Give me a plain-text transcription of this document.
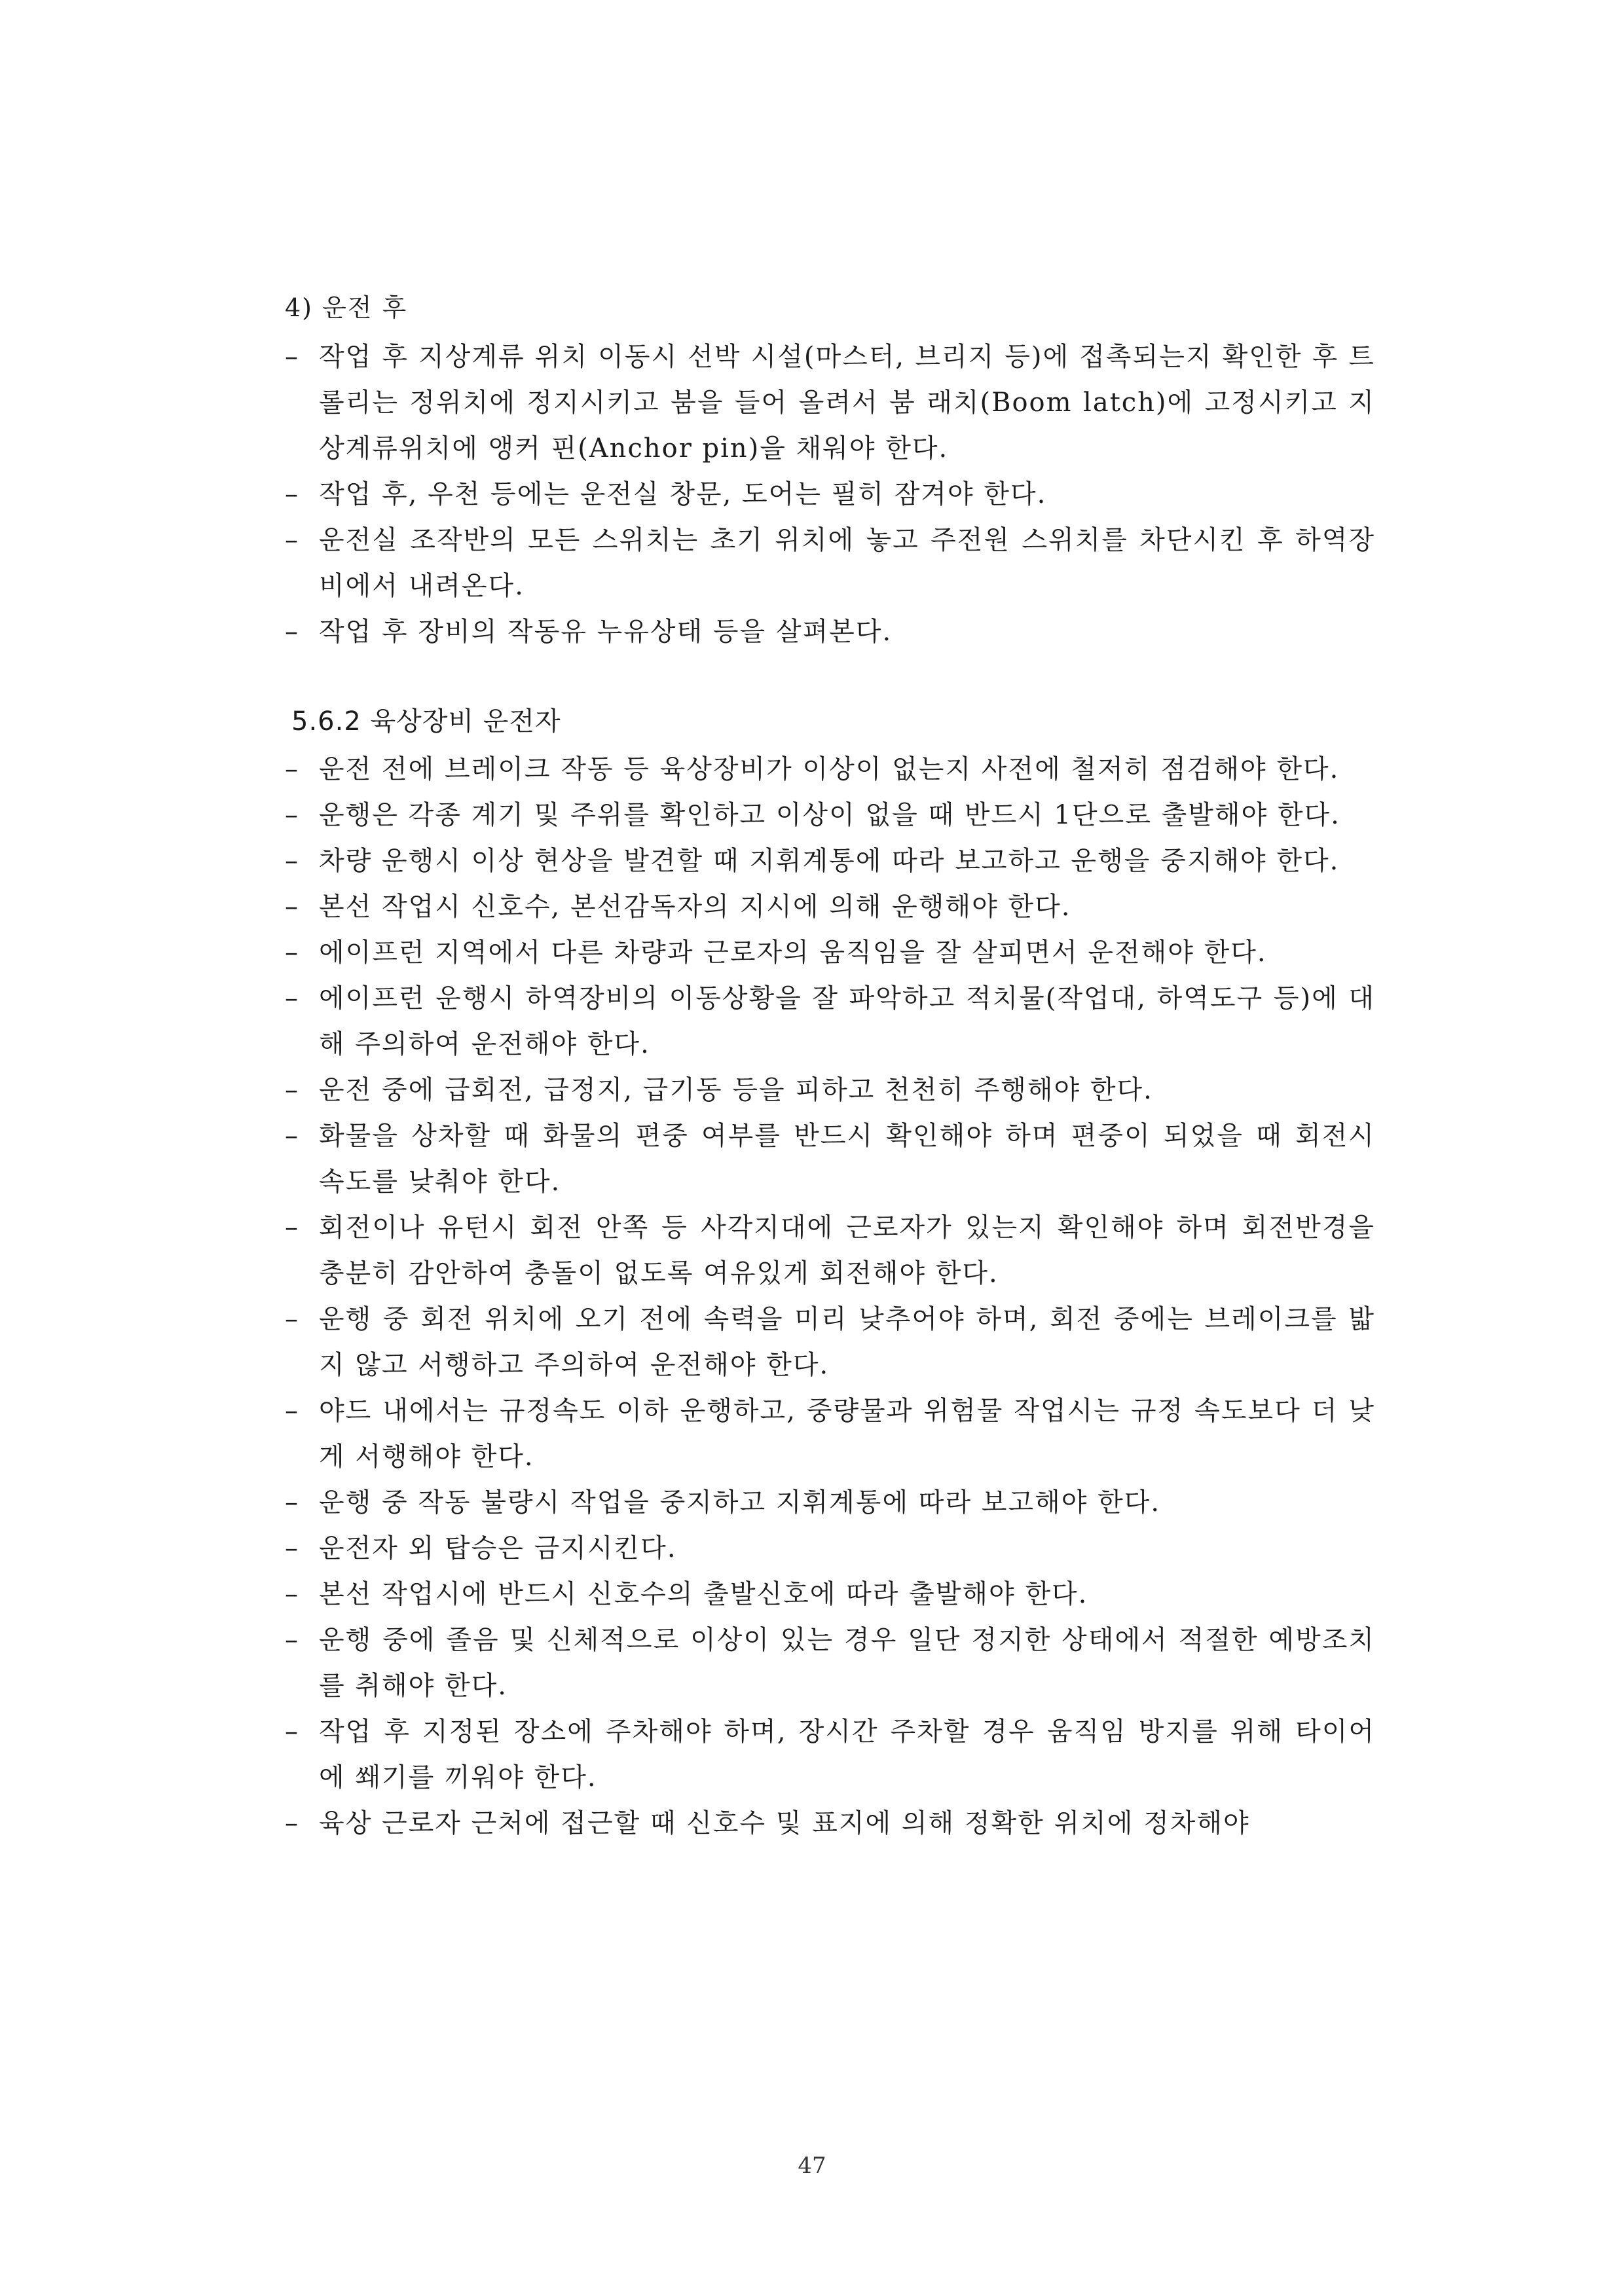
4) 운전 후

– 작업 후 지상계류 위치 이동시 선박 시설(마스터, 브리지 등)에 접촉되는지 확인한 후 트롤리는 정위치에 정지시키고 붐을 들어 올려서 붐 래치(Boom latch)에 고정시키고 지상계류위치에 앵커 핀(Anchor pin)을 채워야 한다.

– 작업 후, 우천 등에는 운전실 창문, 도어는 필히 잠겨야 한다.

– 운전실 조작반의 모든 스위치는 초기 위치에 놓고 주전원 스위치를 차단시킨 후 하역장비에서 내려온다.

– 작업 후 장비의 작동유 누유상태 등을 살펴본다.

5.6.2 육상장비 운전자

– 운전 전에 브레이크 작동 등 육상장비가 이상이 없는지 사전에 철저히 점검해야 한다.

– 운행은 각종 계기 및 주위를 확인하고 이상이 없을 때 반드시 1단으로 출발해야 한다.

– 차량 운행시 이상 현상을 발견할 때 지휘계통에 따라 보고하고 운행을 중지해야 한다.

– 본선 작업시 신호수, 본선감독자의 지시에 의해 운행해야 한다.

– 에이프런 지역에서 다른 차량과 근로자의 움직임을 잘 살피면서 운전해야 한다.

– 에이프런 운행시 하역장비의 이동상황을 잘 파악하고 적치물(작업대, 하역도구 등)에 대해 주의하여 운전해야 한다.

– 운전 중에 급회전, 급정지, 급기동 등을 피하고 천천히 주행해야 한다.

– 화물을 상차할 때 화물의 편중 여부를 반드시 확인해야 하며 편중이 되었을 때 회전시 속도를 낮춰야 한다.

– 회전이나 유턴시 회전 안쪽 등 사각지대에 근로자가 있는지 확인해야 하며 회전반경을 충분히 감안하여 충돌이 없도록 여유있게 회전해야 한다.

– 운행 중 회전 위치에 오기 전에 속력을 미리 낮추어야 하며, 회전 중에는 브레이크를 밟지 않고 서행하고 주의하여 운전해야 한다.

– 야드 내에서는 규정속도 이하 운행하고, 중량물과 위험물 작업시는 규정 속도보다 더 낮게 서행해야 한다.

– 운행 중 작동 불량시 작업을 중지하고 지휘계통에 따라 보고해야 한다.

– 운전자 외 탑승은 금지시킨다.

– 본선 작업시에 반드시 신호수의 출발신호에 따라 출발해야 한다.

– 운행 중에 졸음 및 신체적으로 이상이 있는 경우 일단 정지한 상태에서 적절한 예방조치를 취해야 한다.

– 작업 후 지정된 장소에 주차해야 하며, 장시간 주차할 경우 움직임 방지를 위해 타이어에 쐐기를 끼워야 한다.

– 육상 근로자 근처에 접근할 때 신호수 및 표지에 의해 정확한 위치에 정차해야

47
